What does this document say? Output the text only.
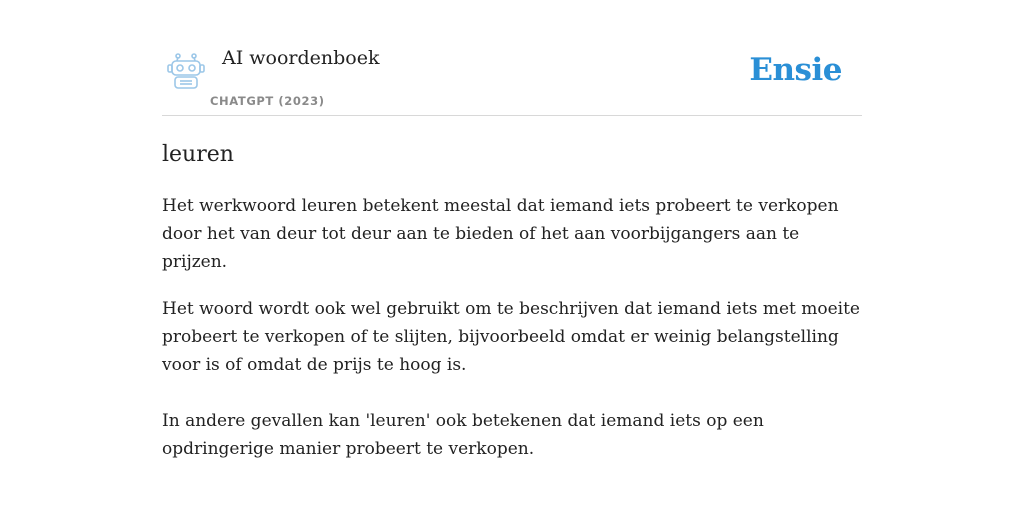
AI woordenboek
CHATGPT (2023)
Ensie
leuren

Het werkwoord leuren betekent meestal dat iemand iets probeert te verkopen door het van deur tot deur aan te bieden of het aan voorbijgangers aan te prijzen.

Het woord wordt ook wel gebruikt om te beschrijven dat iemand iets met moeite probeert te verkopen of te slijten, bijvoorbeeld omdat er weinig belangstelling voor is of omdat de prijs te hoog is.

In andere gevallen kan 'leuren' ook betekenen dat iemand iets op een opdringerige manier probeert te verkopen.
